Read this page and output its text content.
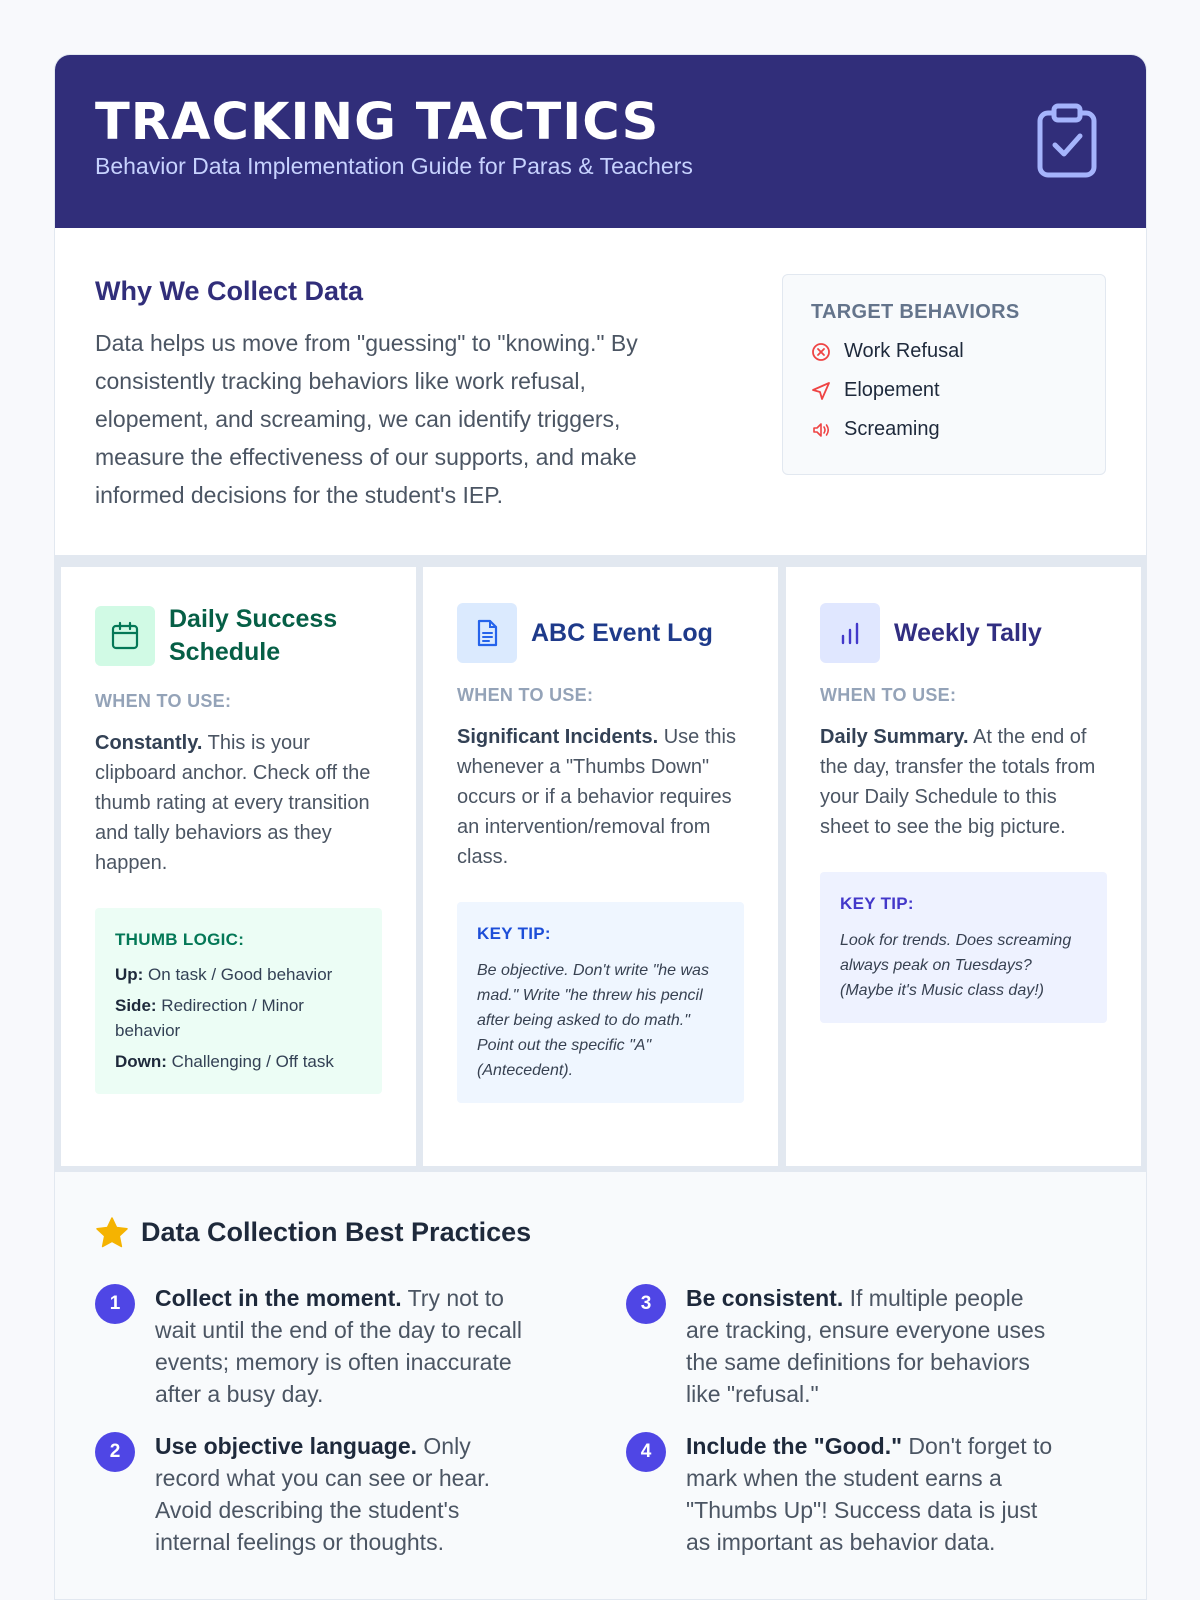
TRACKING TACTICS
Behavior Data Implementation Guide for Paras & Teachers
Why We Collect Data
Data helps us move from "guessing" to "knowing." By consistently tracking behaviors like work refusal, elopement, and screaming, we can identify triggers, measure the effectiveness of our supports, and make informed decisions for the student's IEP.
TARGET BEHAVIORS
Work Refusal
Elopement
Screaming
Daily Success Schedule
WHEN TO USE:
Constantly. This is your clipboard anchor. Check off the thumb rating at every transition and tally behaviors as they happen.
THUMB LOGIC:
Up: On task / Good behavior
Side: Redirection / Minor behavior
Down: Challenging / Off task
ABC Event Log
WHEN TO USE:
Significant Incidents. Use this whenever a "Thumbs Down" occurs or if a behavior requires an intervention/removal from class.
KEY TIP:
Be objective. Don't write "he was mad." Write "he threw his pencil after being asked to do math." Point out the specific "A" (Antecedent).
Weekly Tally
WHEN TO USE:
Daily Summary. At the end of the day, transfer the totals from your Daily Schedule to this sheet to see the big picture.
KEY TIP:
Look for trends. Does screaming always peak on Tuesdays? (Maybe it's Music class day!)
Data Collection Best Practices
1	Collect in the moment. Try not to wait until the end of the day to recall events; memory is often inaccurate after a busy day.
2	Use objective language. Only record what you can see or hear. Avoid describing the student's internal feelings or thoughts.
3	Be consistent. If multiple people are tracking, ensure everyone uses the same definitions for behaviors like "refusal."
4	Include the "Good." Don't forget to mark when the student earns a "Thumbs Up"! Success data is just as important as behavior data.
